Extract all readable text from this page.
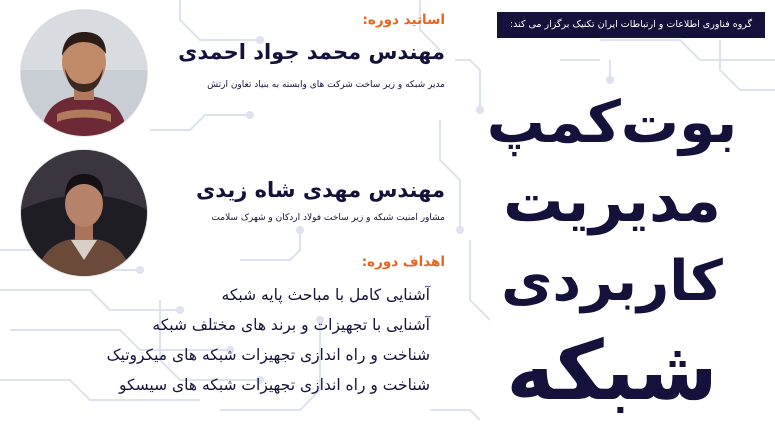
گروه فناوری اطلاعات و ارتباطات ایران تکنیک برگزار می کند:
اساتید دوره:
مهندس محمد جواد احمدی
مدیر شبکه و زیر ساخت شرکت های وابسته به بنیاد تعاون ارتش
مهندس مهدی شاه زیدی
مشاور امنیت شبکه و زیر ساخت فولاد اردکان و شهرک سلامت
اهداف دوره:
آشنایی کامل با مباحث پایه شبکه
آشنایی با تجهیزات و برند های مختلف شبکه
شناخت و راه اندازی تجهیزات شبکه های میکروتیک
شناخت و راه اندازی تجهیزات شبکه های سیسکو
بوت‌کمپ
مدیریت
کاربردی
شبکه
